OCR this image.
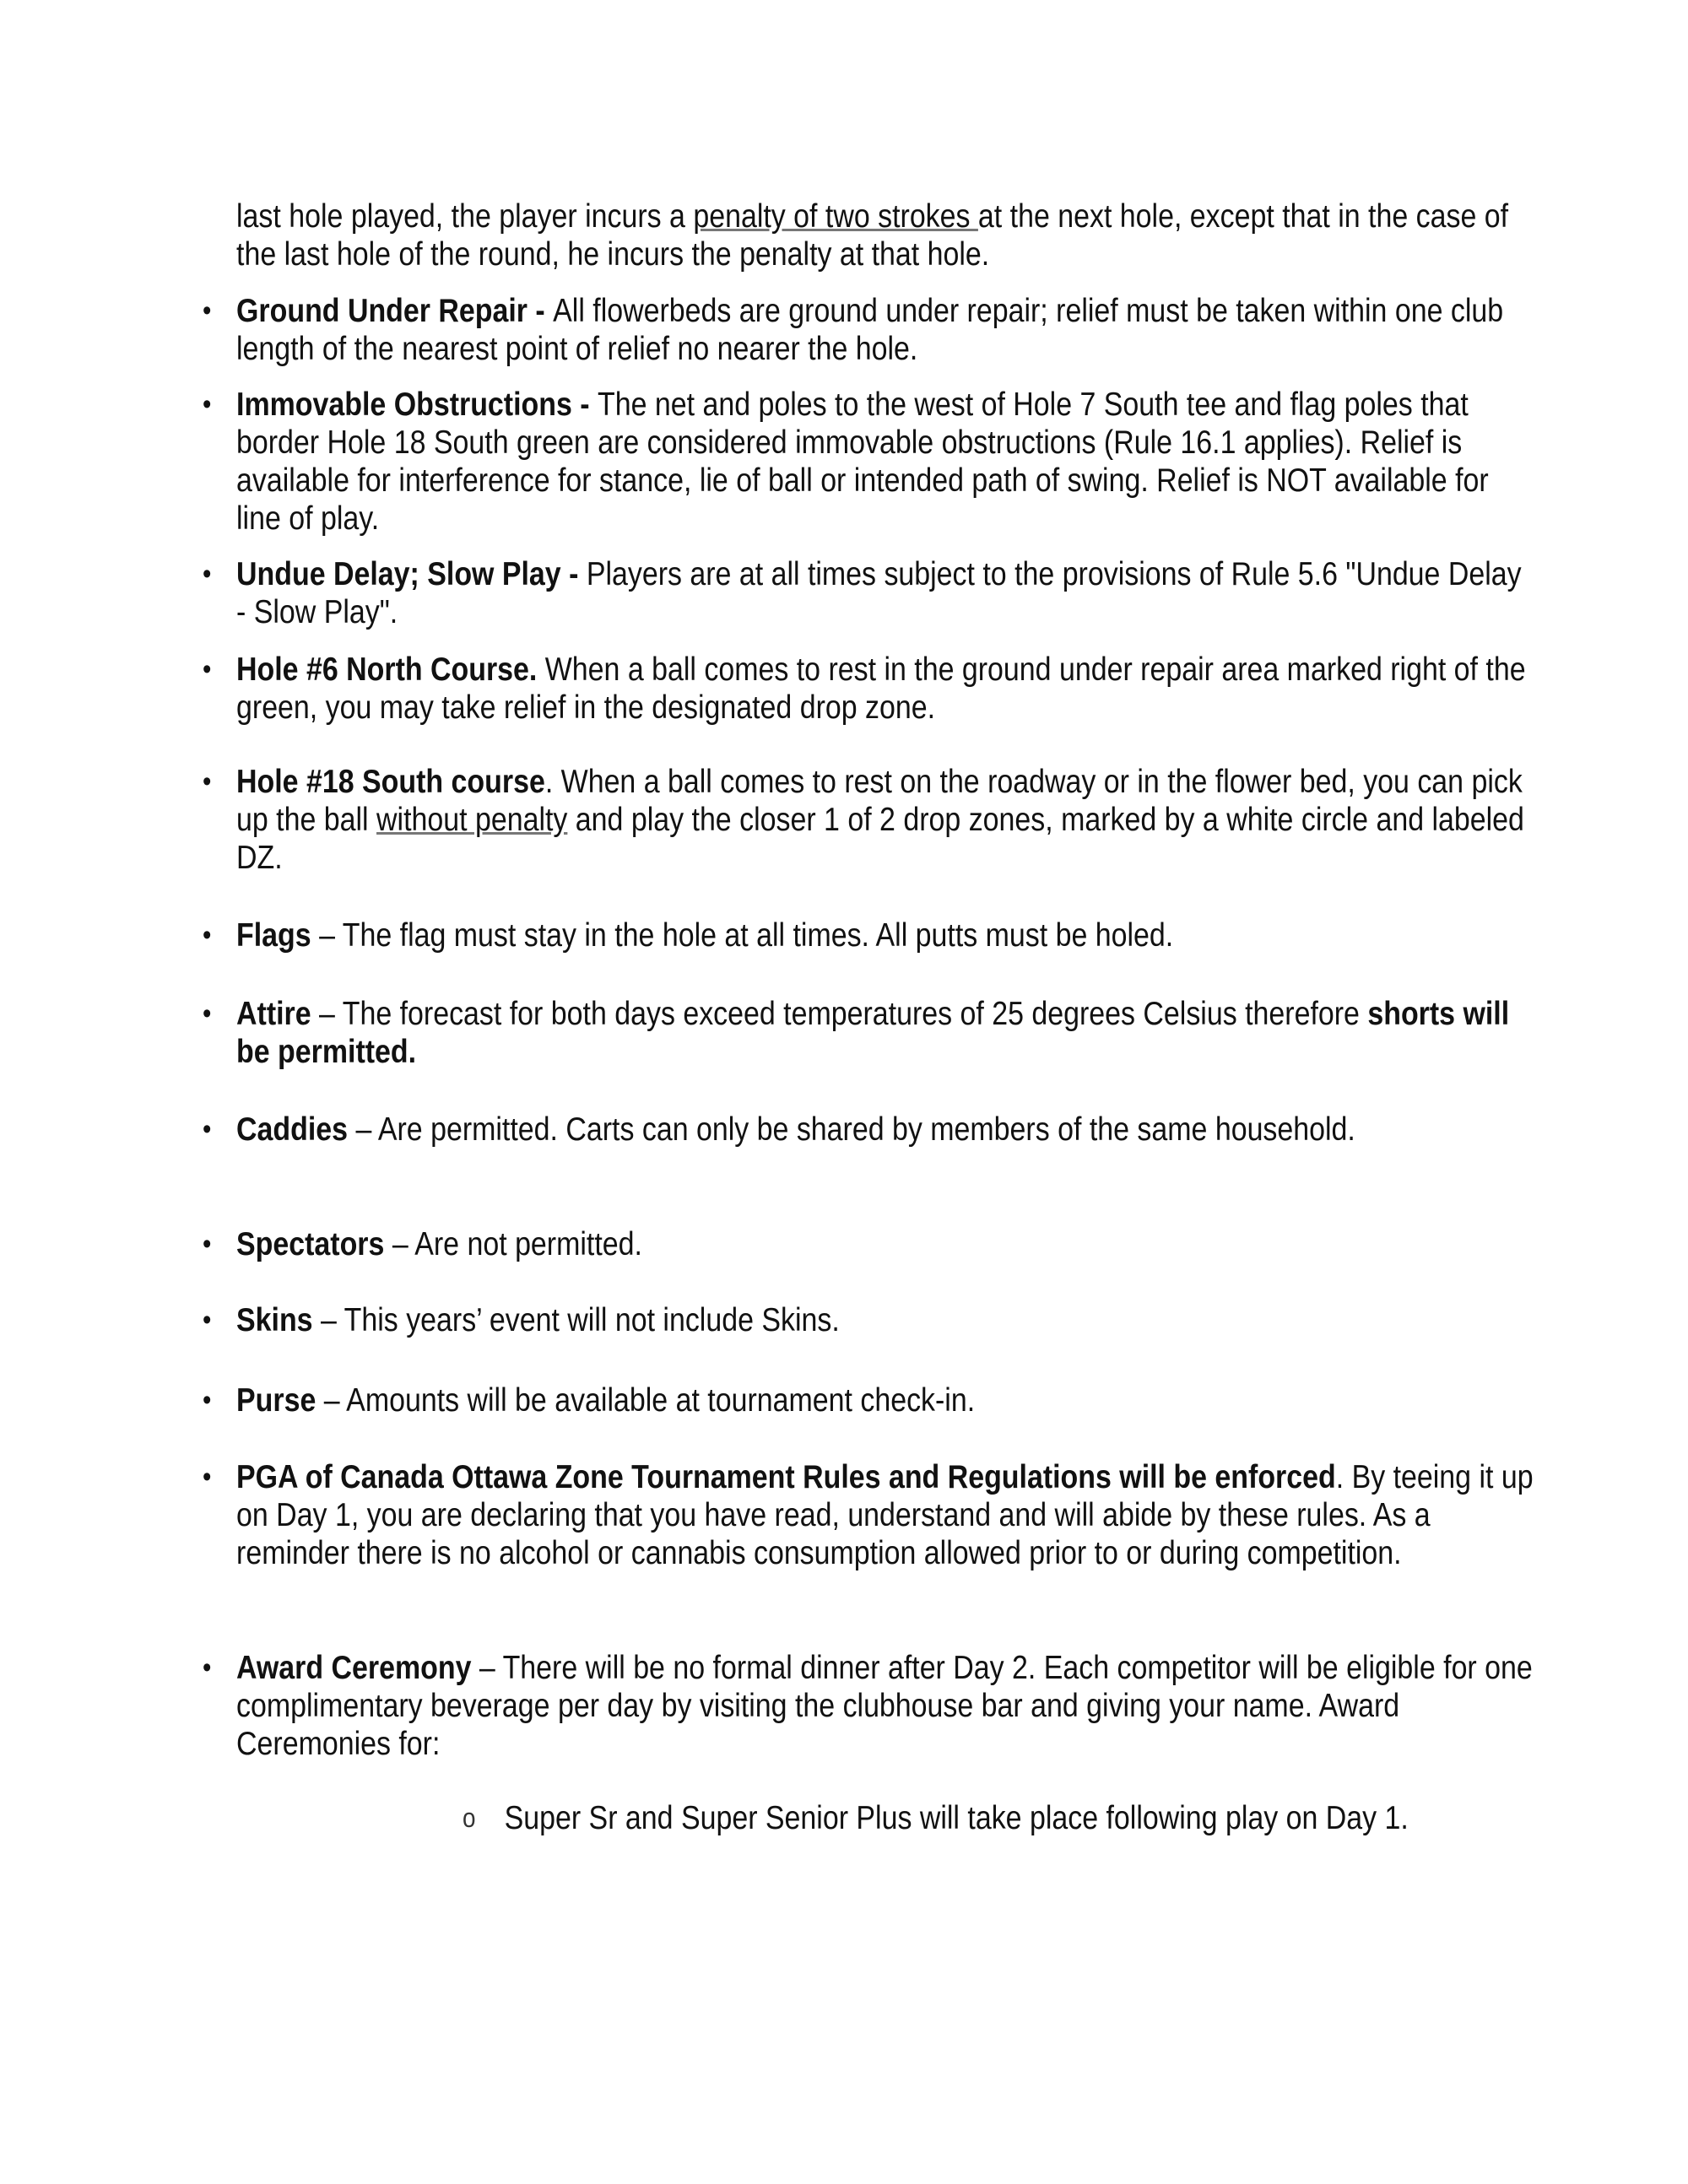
last hole played, the player incurs a penalty of two strokes at the next hole, except that in the case of the last hole of the round, he incurs the penalty at that hole.
• Ground Under Repair - All flowerbeds are ground under repair; relief must be taken within one club length of the nearest point of relief no nearer the hole.
• Immovable Obstructions - The net and poles to the west of Hole 7 South tee and flag poles that border Hole 18 South green are considered immovable obstructions (Rule 16.1 applies). Relief is available for interference for stance, lie of ball or intended path of swing. Relief is NOT available for line of play.
• Undue Delay; Slow Play - Players are at all times subject to the provisions of Rule 5.6 "Undue Delay - Slow Play".
• Hole #6 North Course. When a ball comes to rest in the ground under repair area marked right of the green, you may take relief in the designated drop zone.
• Hole #18 South course. When a ball comes to rest on the roadway or in the flower bed, you can pick up the ball without penalty and play the closer 1 of 2 drop zones, marked by a white circle and labeled DZ.
• Flags – The flag must stay in the hole at all times. All putts must be holed.
• Attire – The forecast for both days exceed temperatures of 25 degrees Celsius therefore shorts will be permitted.
• Caddies – Are permitted. Carts can only be shared by members of the same household.
• Spectators – Are not permitted.
• Skins – This years’ event will not include Skins.
• Purse – Amounts will be available at tournament check-in.
• PGA of Canada Ottawa Zone Tournament Rules and Regulations will be enforced. By teeing it up on Day 1, you are declaring that you have read, understand and will abide by these rules. As a reminder there is no alcohol or cannabis consumption allowed prior to or during competition.
• Award Ceremony – There will be no formal dinner after Day 2. Each competitor will be eligible for one complimentary beverage per day by visiting the clubhouse bar and giving your name. Award Ceremonies for:
o Super Sr and Super Senior Plus will take place following play on Day 1.
